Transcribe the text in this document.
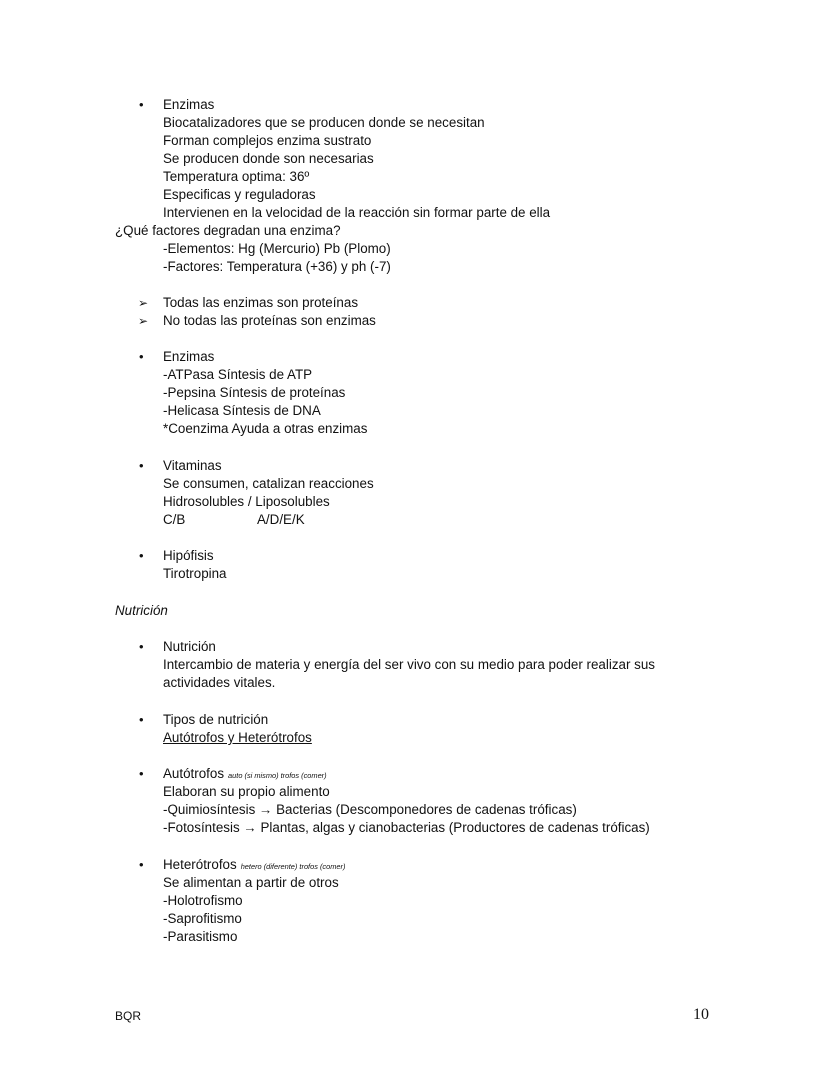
• Enzimas
Biocatalizadores que se producen donde se necesitan
Forman complejos enzima sustrato
Se producen donde son necesarias
Temperatura optima: 36º
Especificas y reguladoras
Intervienen en la velocidad de la reacción sin formar parte de ella
¿Qué factores degradan una enzima?
-Elementos: Hg (Mercurio) Pb (Plomo)
-Factores: Temperatura (+36) y ph (-7)
➢ Todas las enzimas son proteínas
➢ No todas las proteínas son enzimas
• Enzimas
-ATPasa Síntesis de ATP
-Pepsina Síntesis de proteínas
-Helicasa Síntesis de DNA
*Coenzima Ayuda a otras enzimas
• Vitaminas
Se consumen, catalizan reacciones
Hidrosolubles / Liposolubles
C/B	A/D/E/K
• Hipófisis
Tirotropina
Nutrición
• Nutrición
Intercambio de materia y energía del ser vivo con su medio para poder realizar sus
actividades vitales.
• Tipos de nutrición
Autótrofos y Heterótrofos
• Autótrofos auto (si mismo) trofos (comer)
Elaboran su propio alimento
-Quimiosíntesis → Bacterias (Descomponedores de cadenas tróficas)
-Fotosíntesis → Plantas, algas y cianobacterias (Productores de cadenas tróficas)
• Heterótrofos hetero (diferente) trofos (comer)
Se alimentan a partir de otros
-Holotrofismo
-Saprofitismo
-Parasitismo
BQR	10
